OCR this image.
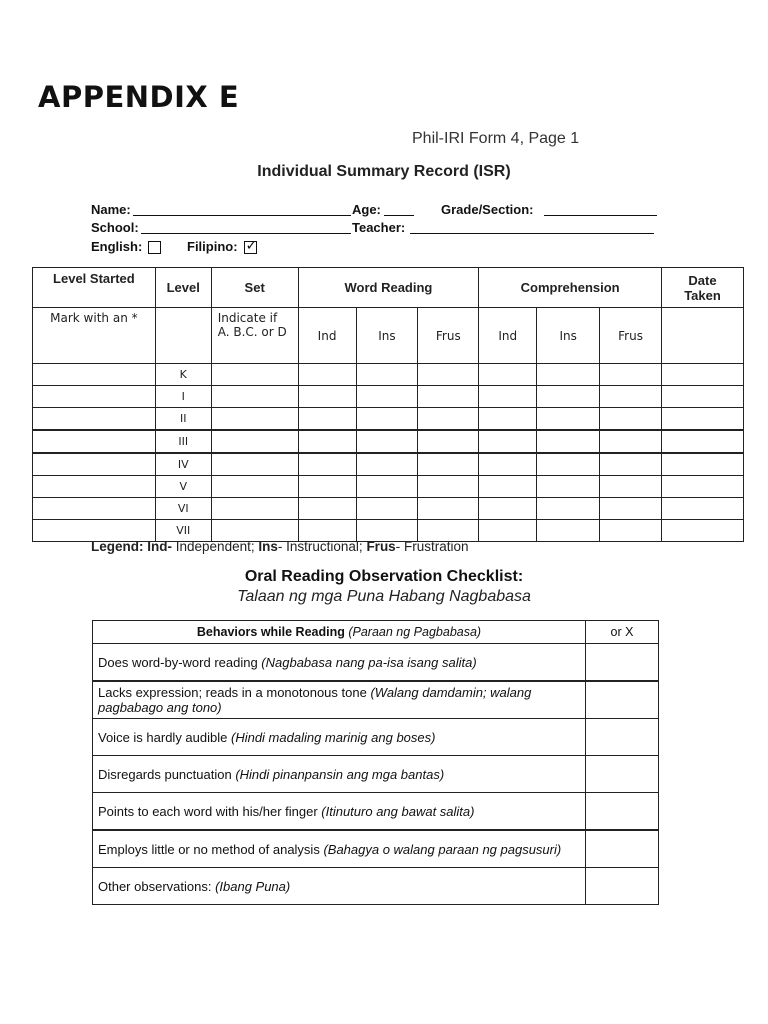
APPENDIX E
Phil-IRI Form 4, Page 1
Individual Summary Record (ISR)
Name:	Age:	Grade/Section:
School:	Teacher:
English:	Filipino: ✓
Level Started	Level	Set	Word Reading			Comprehension			Date Taken
Mark with an *		Indicate if A. B.C. or D	Ind	Ins	Frus	Ind	Ins	Frus	
	K								
	I								
	II								
	III								
	IV								
	V								
	VI								
	VII								
Legend: Ind- Independent; Ins- Instructional; Frus- Frustration
Oral Reading Observation Checklist:
Talaan ng mga Puna Habang Nagbabasa
Behaviors while Reading (Paraan ng Pagbabasa)	or X
Does word-by-word reading (Nagbabasa nang pa-isa isang salita)	
Lacks expression; reads in a monotonous tone (Walang damdamin; walang pagbabago ang tono)	
Voice is hardly audible (Hindi madaling marinig ang boses)	
Disregards punctuation (Hindi pinanpansin ang mga bantas)	
Points to each word with his/her finger (Itinuturo ang bawat salita)	
Employs little or no method of analysis (Bahagya o walang paraan ng pagsusuri)	
Other observations: (Ibang Puna)	
